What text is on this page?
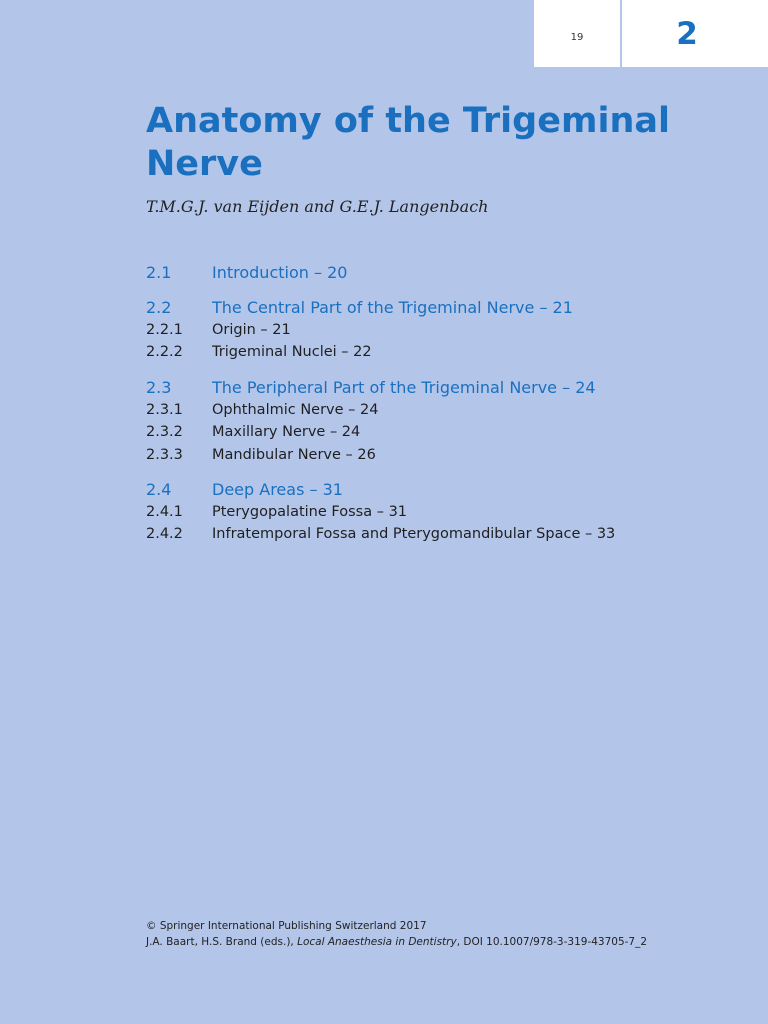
19	2
Anatomy of the Trigeminal Nerve
T.M.G.J. van Eijden and G.E.J. Langenbach
2.1	Introduction – 20
2.2	The Central Part of the Trigeminal Nerve – 21
2.2.1	Origin – 21
2.2.2	Trigeminal Nuclei – 22
2.3	The Peripheral Part of the Trigeminal Nerve – 24
2.3.1	Ophthalmic Nerve – 24
2.3.2	Maxillary Nerve – 24
2.3.3	Mandibular Nerve – 26
2.4	Deep Areas – 31
2.4.1	Pterygopalatine Fossa – 31
2.4.2	Infratemporal Fossa and Pterygomandibular Space – 33
© Springer International Publishing Switzerland 2017
J.A. Baart, H.S. Brand (eds.), Local Anaesthesia in Dentistry, DOI 10.1007/978-3-319-43705-7_2
